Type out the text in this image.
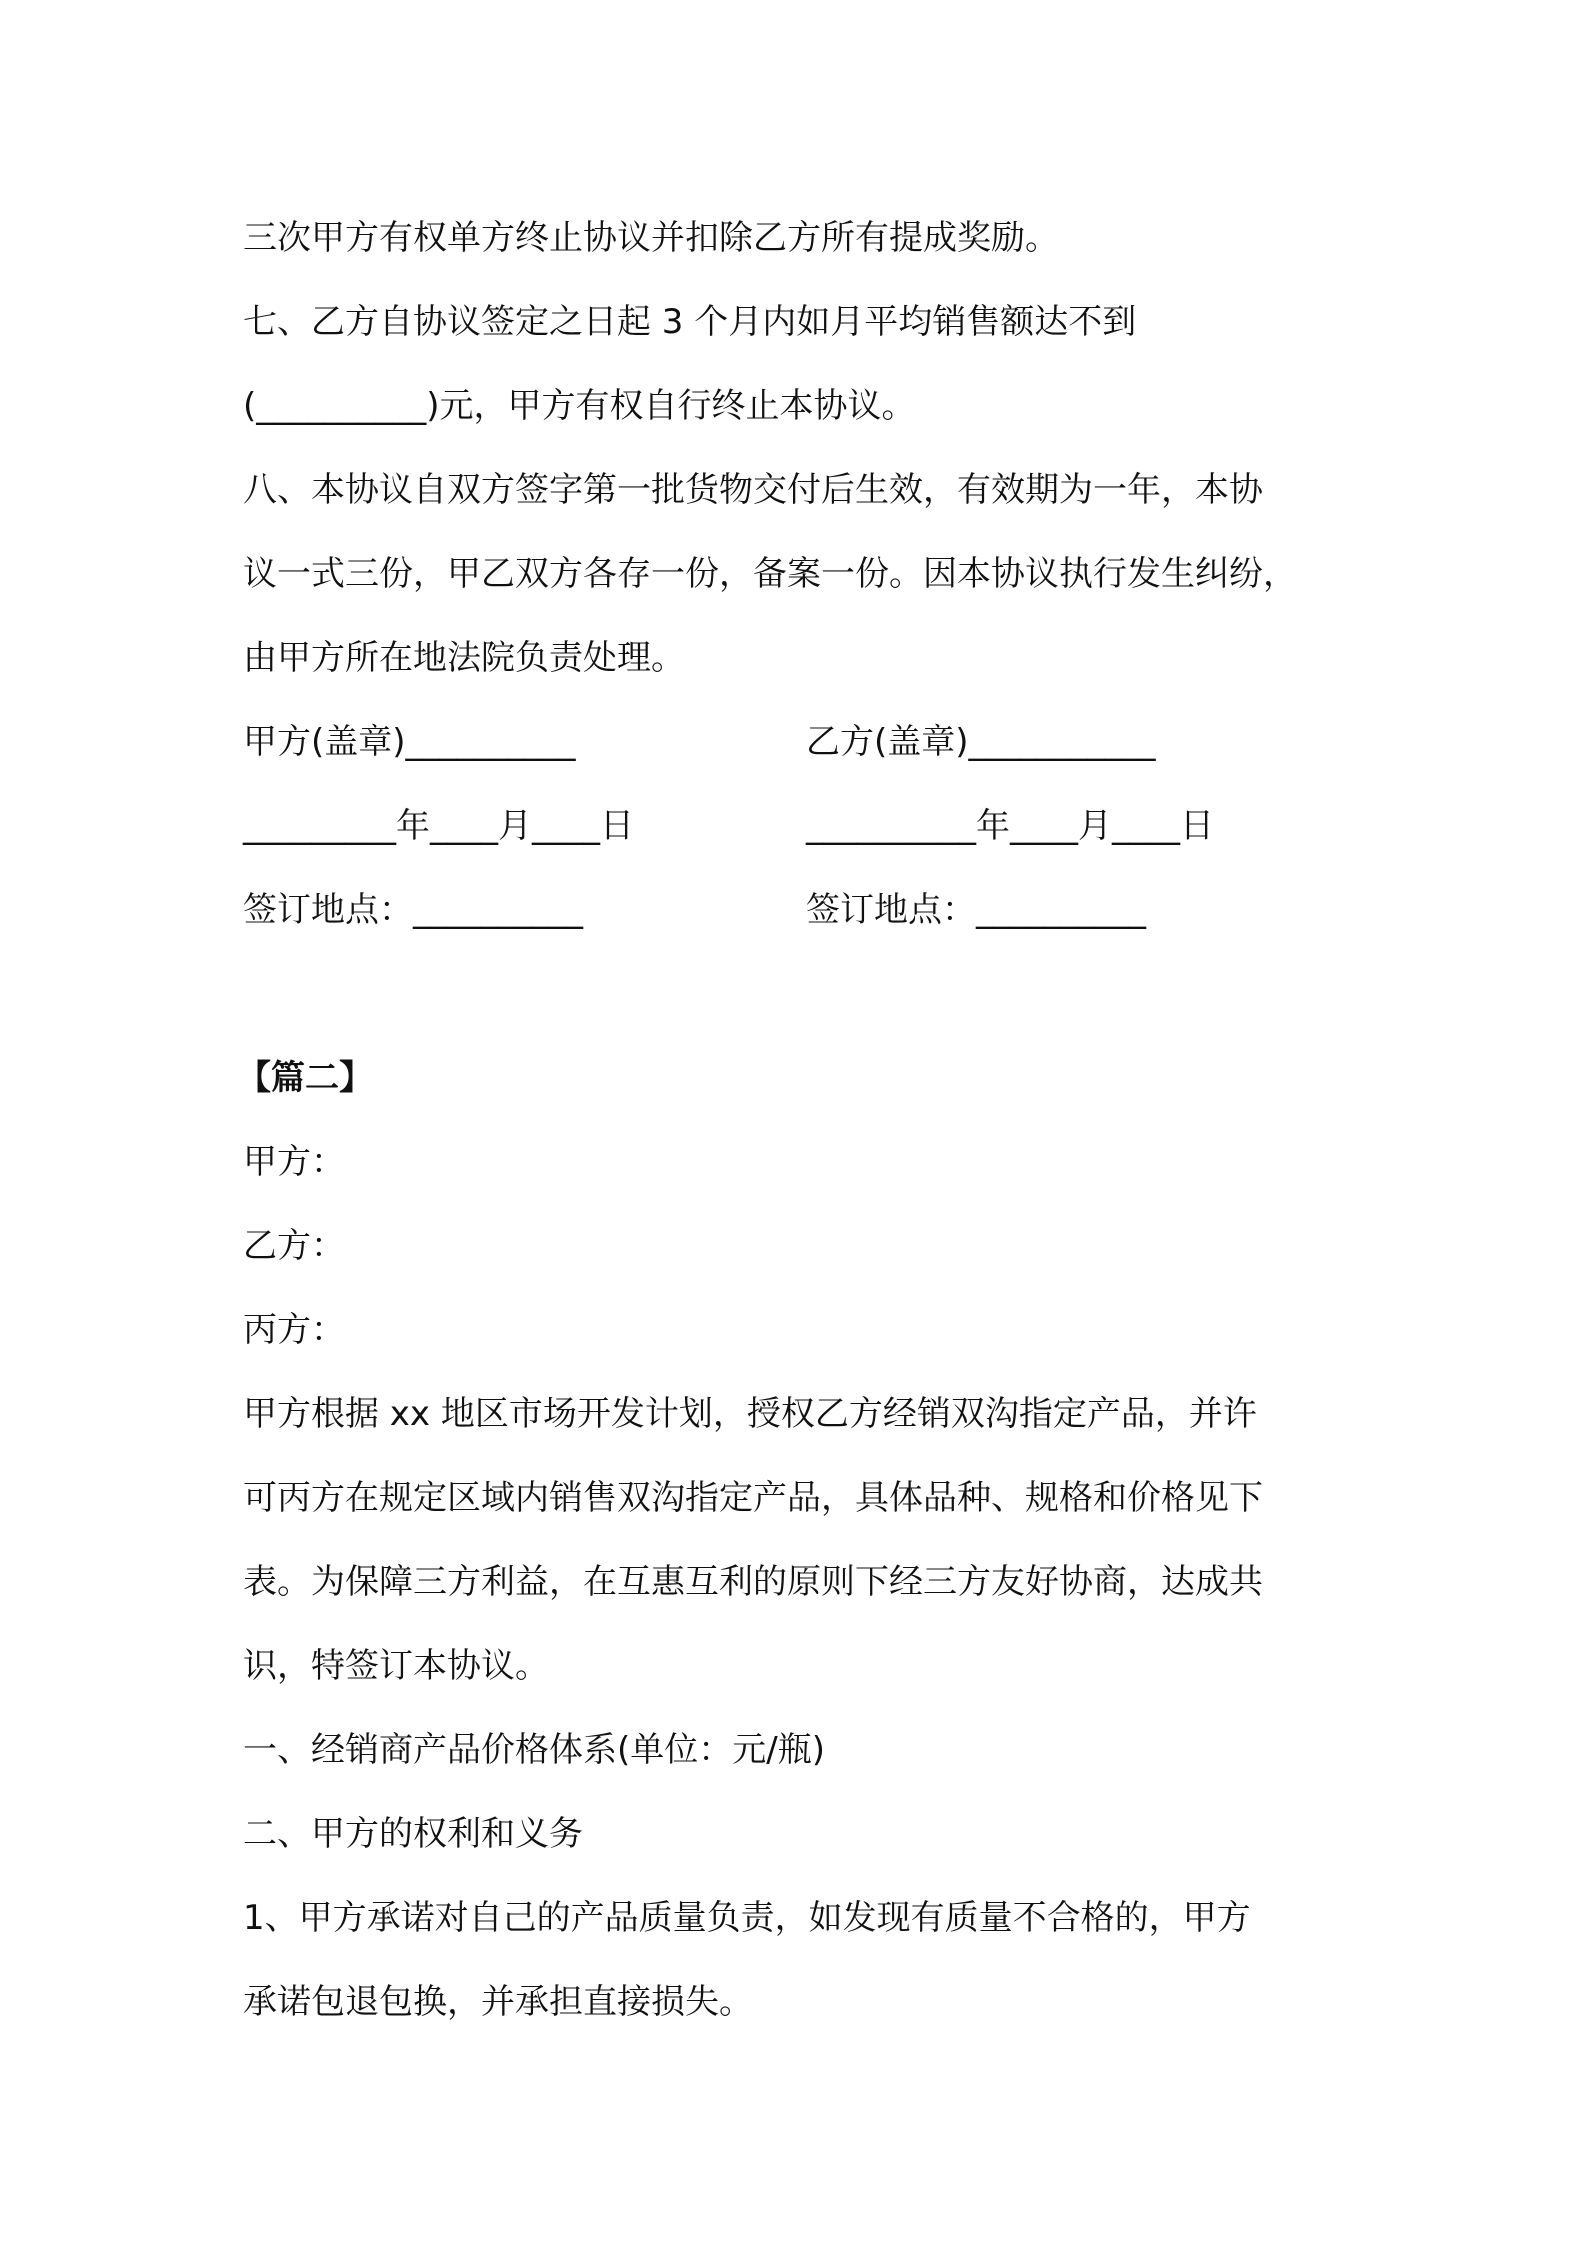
三次甲方有权单方终止协议并扣除乙方所有提成奖励。

七、乙方自协议签定之日起 3 个月内如月平均销售额达不到

(__________)元，甲方有权自行终止本协议。

八、本协议自双方签字第一批货物交付后生效，有效期为一年，本协

议一式三份，甲乙双方各存一份，备案一份。因本协议执行发生纠纷，

由甲方所在地法院负责处理。

甲方(盖章)__________	乙方(盖章)___________
_________年____月____日	__________年____月____日
签订地点：__________	签订地点：__________

【篇二】

甲方：

乙方：

丙方：

甲方根据 xx 地区市场开发计划，授权乙方经销双沟指定产品，并许

可丙方在规定区域内销售双沟指定产品，具体品种、规格和价格见下

表。为保障三方利益，在互惠互利的原则下经三方友好协商，达成共

识，特签订本协议。

一、经销商产品价格体系(单位：元/瓶)

二、甲方的权利和义务

1、甲方承诺对自己的产品质量负责，如发现有质量不合格的，甲方

承诺包退包换，并承担直接损失。
